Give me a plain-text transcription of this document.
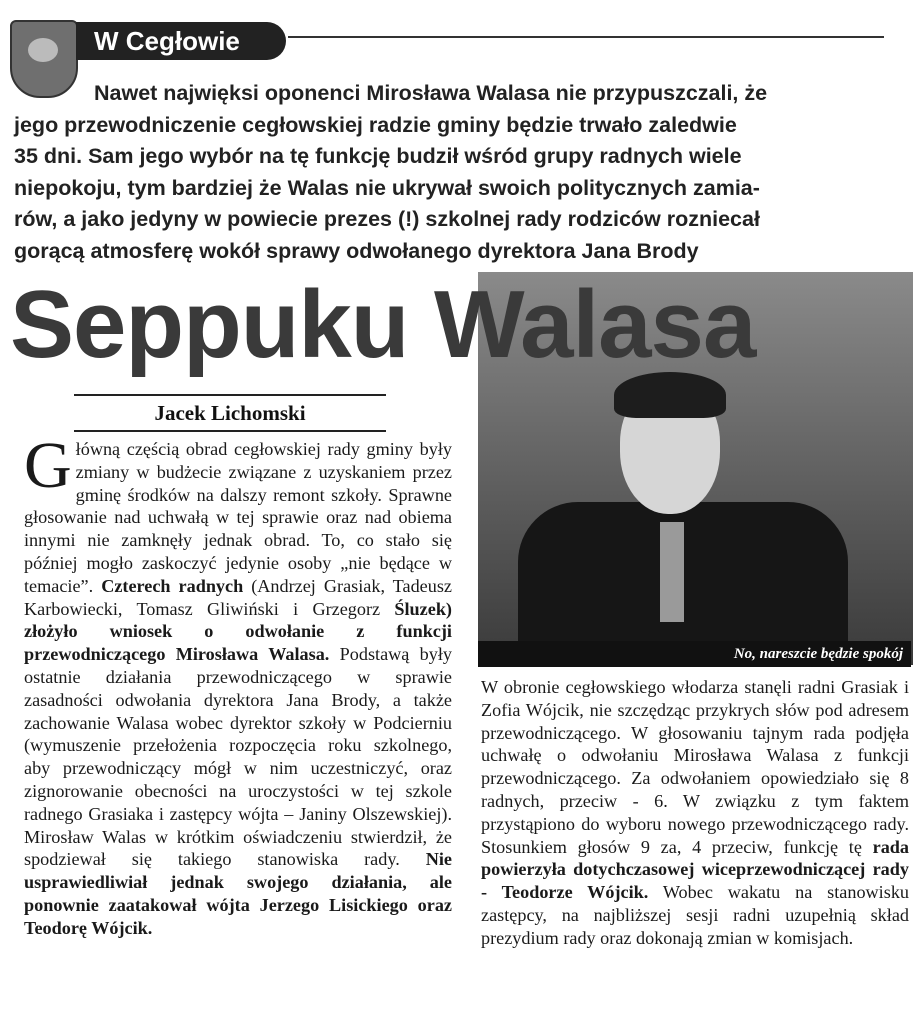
W Cegłowie

Nawet najwięksi oponenci Mirosława Walasa nie przypuszczali, że

jego przewodniczenie cegłowskiej radzie gminy będzie trwało zaledwie

35 dni. Sam jego wybór na tę funkcję budził wśród grupy radnych wiele

niepokoju, tym bardziej że Walas nie ukrywał swoich politycznych zamia-

rów, a jako jedyny w powiecie prezes (!) szkolnej rady rodziców rozniecał

gorącą atmosferę wokół sprawy odwołanego dyrektora Jana Brody

Seppuku Walasa
No, nareszcie będzie spokój
Jacek Lichomski

Główną częścią obrad cegłowskiej rady gminy były zmiany w budżecie związane z uzyskaniem przez gminę środków na dalszy remont szkoły. Sprawne głosowanie nad uchwałą w tej sprawie oraz nad obiema innymi nie zamknęły jednak obrad. To, co stało się później mogło zaskoczyć jedynie osoby „nie będące w temacie”. Czterech radnych (Andrzej Grasiak, Tadeusz Karbowiecki, Tomasz Gliwiński i Grzegorz Śluzek) złożyło wniosek o odwołanie z funkcji przewodniczącego Mirosława Walasa. Podstawą były ostatnie działania przewodniczącego w sprawie zasadności odwołania dyrektora Jana Brody, a także zachowanie Walasa wobec dyrektor szkoły w Podcierniu (wymuszenie przełożenia rozpoczęcia roku szkolnego, aby przewodniczący mógł w nim uczestniczyć, oraz zignorowanie obecności na uroczystości w tej szkole radnego Grasiaka i zastępcy wójta – Janiny Olszewskiej). Mirosław Walas w krótkim oświadczeniu stwierdził, że spodziewał się takiego stanowiska rady. Nie usprawiedliwiał jednak swojego działania, ale ponownie zaatakował wójta Jerzego Lisickiego oraz Teodorę Wójcik.

W obronie cegłowskiego włodarza stanęli radni Grasiak i Zofia Wójcik, nie szczędząc przykrych słów pod adresem przewodniczącego. W głosowaniu tajnym rada podjęła uchwałę o odwołaniu Mirosława Walasa z funkcji przewodniczącego. Za odwołaniem opowiedziało się 8 radnych, przeciw - 6. W związku z tym faktem przystąpiono do wyboru nowego przewodniczącego rady. Stosunkiem głosów 9 za, 4 przeciw, funkcję tę rada powierzyła dotychczasowej wiceprzewodniczącej rady - Teodorze Wójcik. Wobec wakatu na stanowisku zastępcy, na najbliższej sesji radni uzupełnią skład prezydium rady oraz dokonają zmian w komisjach.
